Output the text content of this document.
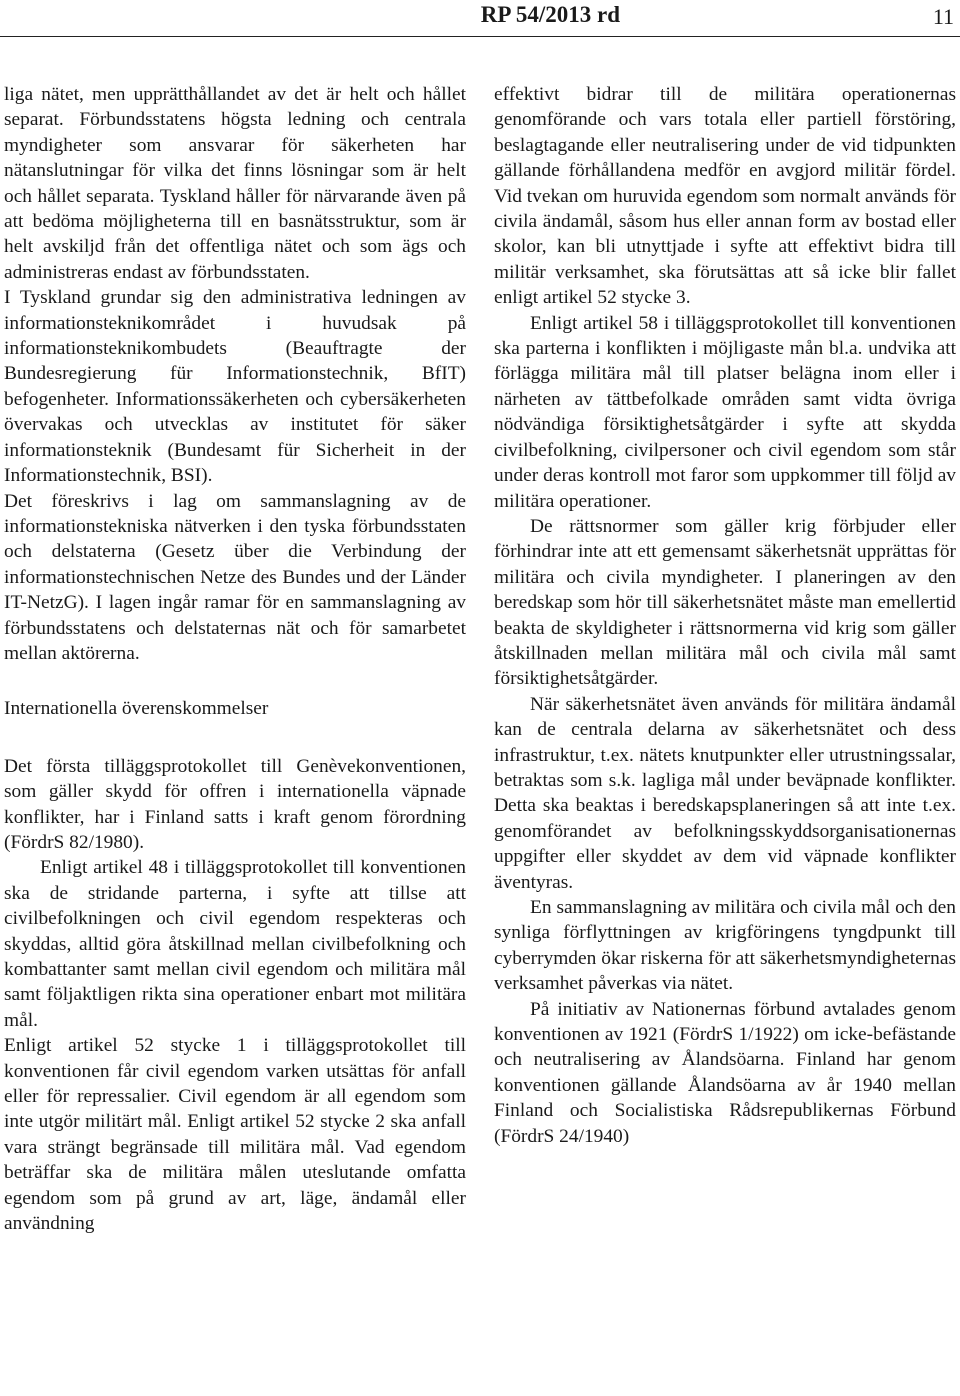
RP 54/2013 rd	11

liga nätet, men upprätthållandet av det är helt och hållet separat. Förbundsstatens högsta ledning och centrala myndigheter som ansvarar för säkerheten har nätanslutningar för vilka det finns lösningar som är helt och hållet separata. Tyskland håller för närvarande även på att bedöma möjligheterna till en basnätsstruktur, som är helt avskiljd från det offentliga nätet och som ägs och administreras endast av förbundsstaten.

I Tyskland grundar sig den administrativa ledningen av informationsteknikområdet i huvudsak på informationsteknikombudets (Beauftragte der Bundesregierung für Informationstechnik, BfIT) befogenheter. Informationssäkerheten och cybersäkerheten övervakas och utvecklas av institutet för säker informationsteknik (Bundesamt für Sicherheit in der Informationstechnik, BSI).

Det föreskrivs i lag om sammanslagning av de informationstekniska nätverken i den tyska förbundsstaten och delstaterna (Gesetz über die Verbindung der informationstechnischen Netze des Bundes und der Länder IT-NetzG). I lagen ingår ramar för en sammanslagning av förbundsstatens och delstaternas nät och för samarbetet mellan aktörerna.

Internationella överenskommelser

Det första tilläggsprotokollet till Genèvekonventionen, som gäller skydd för offren i internationella väpnade konflikter, har i Finland satts i kraft genom förordning (FördrS 82/1980).

Enligt artikel 48 i tilläggsprotokollet till konventionen ska de stridande parterna, i syfte att tillse att civilbefolkningen och civil egendom respekteras och skyddas, alltid göra åtskillnad mellan civilbefolkning och kombattanter samt mellan civil egendom och militära mål samt följaktligen rikta sina operationer enbart mot militära mål.

Enligt artikel 52 stycke 1 i tilläggsprotokollet till konventionen får civil egendom varken utsättas för anfall eller för repressalier. Civil egendom är all egendom som inte utgör militärt mål. Enligt artikel 52 stycke 2 ska anfall vara strängt begränsade till militära mål. Vad egendom beträffar ska de militära målen uteslutande omfatta egendom som på grund av art, läge, ändamål eller användning

effektivt bidrar till de militära operationernas genomförande och vars totala eller partiell förstöring, beslagtagande eller neutralisering under de vid tidpunkten gällande förhållandena medför en avgjord militär fördel. Vid tvekan om huruvida egendom som normalt används för civila ändamål, såsom hus eller annan form av bostad eller skolor, kan bli utnyttjade i syfte att effektivt bidra till militär verksamhet, ska förutsättas att så icke blir fallet enligt artikel 52 stycke 3.

Enligt artikel 58 i tilläggsprotokollet till konventionen ska parterna i konflikten i möjligaste mån bl.a. undvika att förlägga militära mål till platser belägna inom eller i närheten av tättbefolkade områden samt vidta övriga nödvändiga försiktighetsåtgärder i syfte att skydda civilbefolkning, civilpersoner och civil egendom som står under deras kontroll mot faror som uppkommer till följd av militära operationer.

De rättsnormer som gäller krig förbjuder eller förhindrar inte att ett gemensamt säkerhetsnät upprättas för militära och civila myndigheter. I planeringen av den beredskap som hör till säkerhetsnätet måste man emellertid beakta de skyldigheter i rättsnormerna vid krig som gäller åtskillnaden mellan militära mål och civila mål samt försiktighetsåtgärder.

När säkerhetsnätet även används för militära ändamål kan de centrala delarna av säkerhetsnätet och dess infrastruktur, t.ex. nätets knutpunkter eller utrustningssalar, betraktas som s.k. lagliga mål under beväpnade konflikter. Detta ska beaktas i beredskapsplaneringen så att inte t.ex. genomförandet av befolkningsskyddsorganisationernas uppgifter eller skyddet av dem vid väpnade konflikter äventyras.

En sammanslagning av militära och civila mål och den synliga förflyttningen av krigföringens tyngdpunkt till cyberrymden ökar riskerna för att säkerhetsmyndigheternas verksamhet påverkas via nätet.

På initiativ av Nationernas förbund avtalades genom konventionen av 1921 (FördrS 1/1922) om icke-befästande och neutralisering av Ålandsöarna. Finland har genom konventionen gällande Ålandsöarna av år 1940 mellan Finland och Socialistiska Rådsrepublikernas Förbund (FördrS 24/1940)
